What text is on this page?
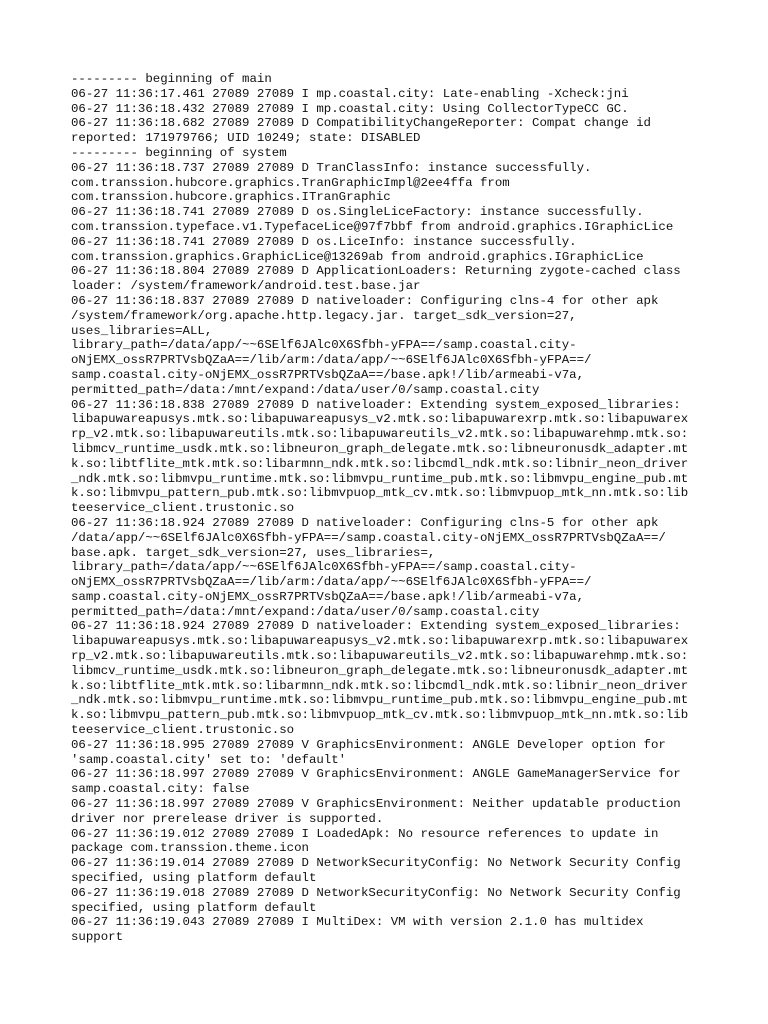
--------- beginning of main
06-27 11:36:17.461 27089 27089 I mp.coastal.city: Late-enabling -Xcheck:jni
06-27 11:36:18.432 27089 27089 I mp.coastal.city: Using CollectorTypeCC GC.
06-27 11:36:18.682 27089 27089 D CompatibilityChangeReporter: Compat change id
reported: 171979766; UID 10249; state: DISABLED
--------- beginning of system
06-27 11:36:18.737 27089 27089 D TranClassInfo: instance successfully.
com.transsion.hubcore.graphics.TranGraphicImpl@2ee4ffa from
com.transsion.hubcore.graphics.ITranGraphic
06-27 11:36:18.741 27089 27089 D os.SingleLiceFactory: instance successfully.
com.transsion.typeface.v1.TypefaceLice@97f7bbf from android.graphics.IGraphicLice
06-27 11:36:18.741 27089 27089 D os.LiceInfo: instance successfully.
com.transsion.graphics.GraphicLice@13269ab from android.graphics.IGraphicLice
06-27 11:36:18.804 27089 27089 D ApplicationLoaders: Returning zygote-cached class
loader: /system/framework/android.test.base.jar
06-27 11:36:18.837 27089 27089 D nativeloader: Configuring clns-4 for other apk
/system/framework/org.apache.http.legacy.jar. target_sdk_version=27,
uses_libraries=ALL,
library_path=/data/app/~~6SElf6JAlc0X6Sfbh-yFPA==/samp.coastal.city-
oNjEMX_ossR7PRTVsbQZaA==/lib/arm:/data/app/~~6SElf6JAlc0X6Sfbh-yFPA==/
samp.coastal.city-oNjEMX_ossR7PRTVsbQZaA==/base.apk!/lib/armeabi-v7a,
permitted_path=/data:/mnt/expand:/data/user/0/samp.coastal.city
06-27 11:36:18.838 27089 27089 D nativeloader: Extending system_exposed_libraries:
libapuwareapusys.mtk.so:libapuwareapusys_v2.mtk.so:libapuwarexrp.mtk.so:libapuwarex
rp_v2.mtk.so:libapuwareutils.mtk.so:libapuwareutils_v2.mtk.so:libapuwarehmp.mtk.so:
libmcv_runtime_usdk.mtk.so:libneuron_graph_delegate.mtk.so:libneuronusdk_adapter.mt
k.so:libtflite_mtk.mtk.so:libarmnn_ndk.mtk.so:libcmdl_ndk.mtk.so:libnir_neon_driver
_ndk.mtk.so:libmvpu_runtime.mtk.so:libmvpu_runtime_pub.mtk.so:libmvpu_engine_pub.mt
k.so:libmvpu_pattern_pub.mtk.so:libmvpuop_mtk_cv.mtk.so:libmvpuop_mtk_nn.mtk.so:lib
teeservice_client.trustonic.so
06-27 11:36:18.924 27089 27089 D nativeloader: Configuring clns-5 for other apk
/data/app/~~6SElf6JAlc0X6Sfbh-yFPA==/samp.coastal.city-oNjEMX_ossR7PRTVsbQZaA==/
base.apk. target_sdk_version=27, uses_libraries=,
library_path=/data/app/~~6SElf6JAlc0X6Sfbh-yFPA==/samp.coastal.city-
oNjEMX_ossR7PRTVsbQZaA==/lib/arm:/data/app/~~6SElf6JAlc0X6Sfbh-yFPA==/
samp.coastal.city-oNjEMX_ossR7PRTVsbQZaA==/base.apk!/lib/armeabi-v7a,
permitted_path=/data:/mnt/expand:/data/user/0/samp.coastal.city
06-27 11:36:18.924 27089 27089 D nativeloader: Extending system_exposed_libraries:
libapuwareapusys.mtk.so:libapuwareapusys_v2.mtk.so:libapuwarexrp.mtk.so:libapuwarex
rp_v2.mtk.so:libapuwareutils.mtk.so:libapuwareutils_v2.mtk.so:libapuwarehmp.mtk.so:
libmcv_runtime_usdk.mtk.so:libneuron_graph_delegate.mtk.so:libneuronusdk_adapter.mt
k.so:libtflite_mtk.mtk.so:libarmnn_ndk.mtk.so:libcmdl_ndk.mtk.so:libnir_neon_driver
_ndk.mtk.so:libmvpu_runtime.mtk.so:libmvpu_runtime_pub.mtk.so:libmvpu_engine_pub.mt
k.so:libmvpu_pattern_pub.mtk.so:libmvpuop_mtk_cv.mtk.so:libmvpuop_mtk_nn.mtk.so:lib
teeservice_client.trustonic.so
06-27 11:36:18.995 27089 27089 V GraphicsEnvironment: ANGLE Developer option for
'samp.coastal.city' set to: 'default'
06-27 11:36:18.997 27089 27089 V GraphicsEnvironment: ANGLE GameManagerService for
samp.coastal.city: false
06-27 11:36:18.997 27089 27089 V GraphicsEnvironment: Neither updatable production
driver nor prerelease driver is supported.
06-27 11:36:19.012 27089 27089 I LoadedApk: No resource references to update in
package com.transsion.theme.icon
06-27 11:36:19.014 27089 27089 D NetworkSecurityConfig: No Network Security Config
specified, using platform default
06-27 11:36:19.018 27089 27089 D NetworkSecurityConfig: No Network Security Config
specified, using platform default
06-27 11:36:19.043 27089 27089 I MultiDex: VM with version 2.1.0 has multidex
support
